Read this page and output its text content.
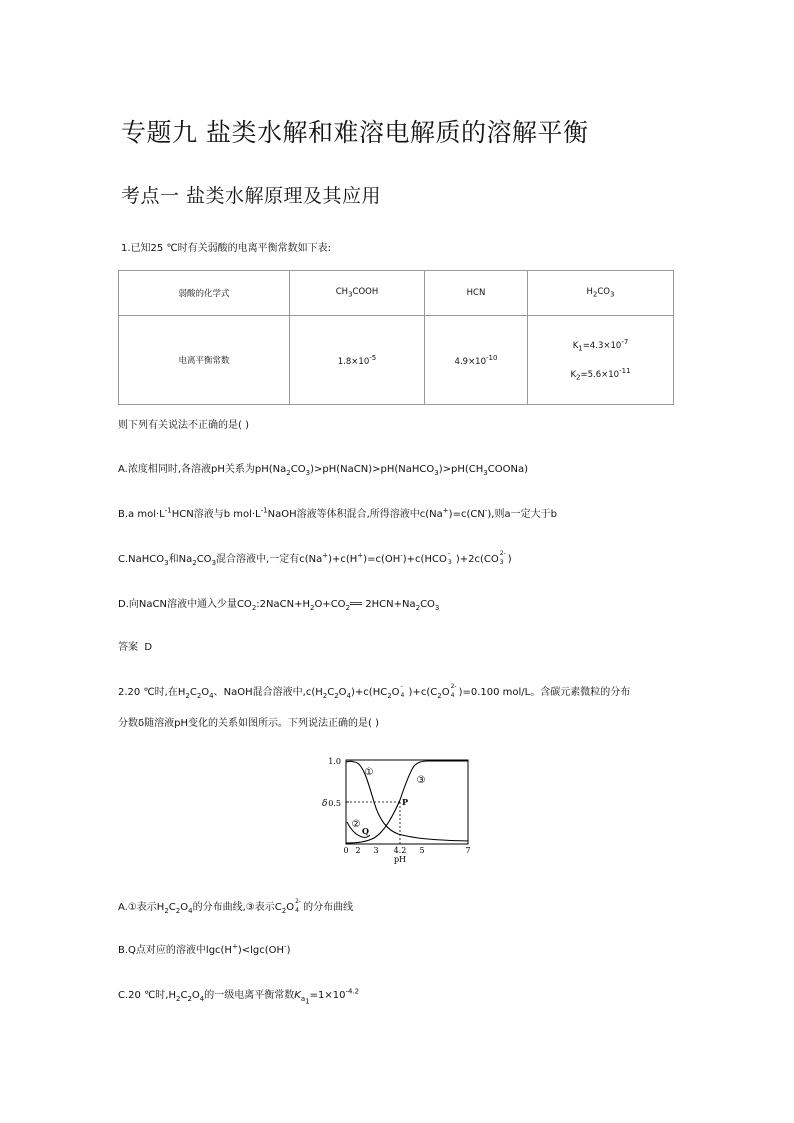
专题九 盐类水解和难溶电解质的溶解平衡
考点一 盐类水解原理及其应用
1.已知25 ℃时有关弱酸的电离平衡常数如下表:
弱酸的化学式	$CH_3COOH$	HCN	$H_2CO_3$
电离平衡常数	$1.8\times 10^{-5}$	$4.9\times 10^{-10}$	$K_1=4.3\times 10^{-7}$
$K_2=5.6\times 10^{-11}$
则下列有关说法不正确的是( )
A.浓度相同时,各溶液pH关系为$pH(Na_2CO_3)>pH(NaCN)>pH(NaHCO_3)>pH(CH_3COONa)$
B.a $mol\cdot L^{-1}HCN$溶液与b $mol\cdot L^{-1}NaOH$溶液等体积混合,所得溶液中c(Na+)=c(CN-),则a一定大于b
C.NaHCO$_3$和$Na_2CO_3$混合溶液中,一定有c(Na+)+c(H+)=c(OH-)+c(HCO
-
3 )+2c(CO
2-
3 )
D.向NaCN溶液中通入少量$CO_2:2NaCN+H_2O+CO_2══$ $2HCN+Na_2CO_3$
答案 D
2.20 ℃时,在$H_2C_2O_4$、NaOH混合溶液中$,c(H_2C_2O_4)+c(HC_2O$
-
4 )$+c(C_2O$
2-
4 )=0.100 mol/L。含碳元素微粒的分布
分数δ随溶液pH变化的关系如图所示。下列说法正确的是( )
1.0
δ 0.5
0 2 3 4.2 5	7
pH
①
②
③
P
Q
A.①表示$H_2C_2O_4$的分布曲线,③表示$C_2O$
2-
4 的分布曲线
B.Q点对应的溶液中lgc(H+)<lgc(OH-)
C.20 ℃时$,H_2C_2O_4$的一级电离平衡常数$K_{a_1}=1\times 10^{-4.2}$
